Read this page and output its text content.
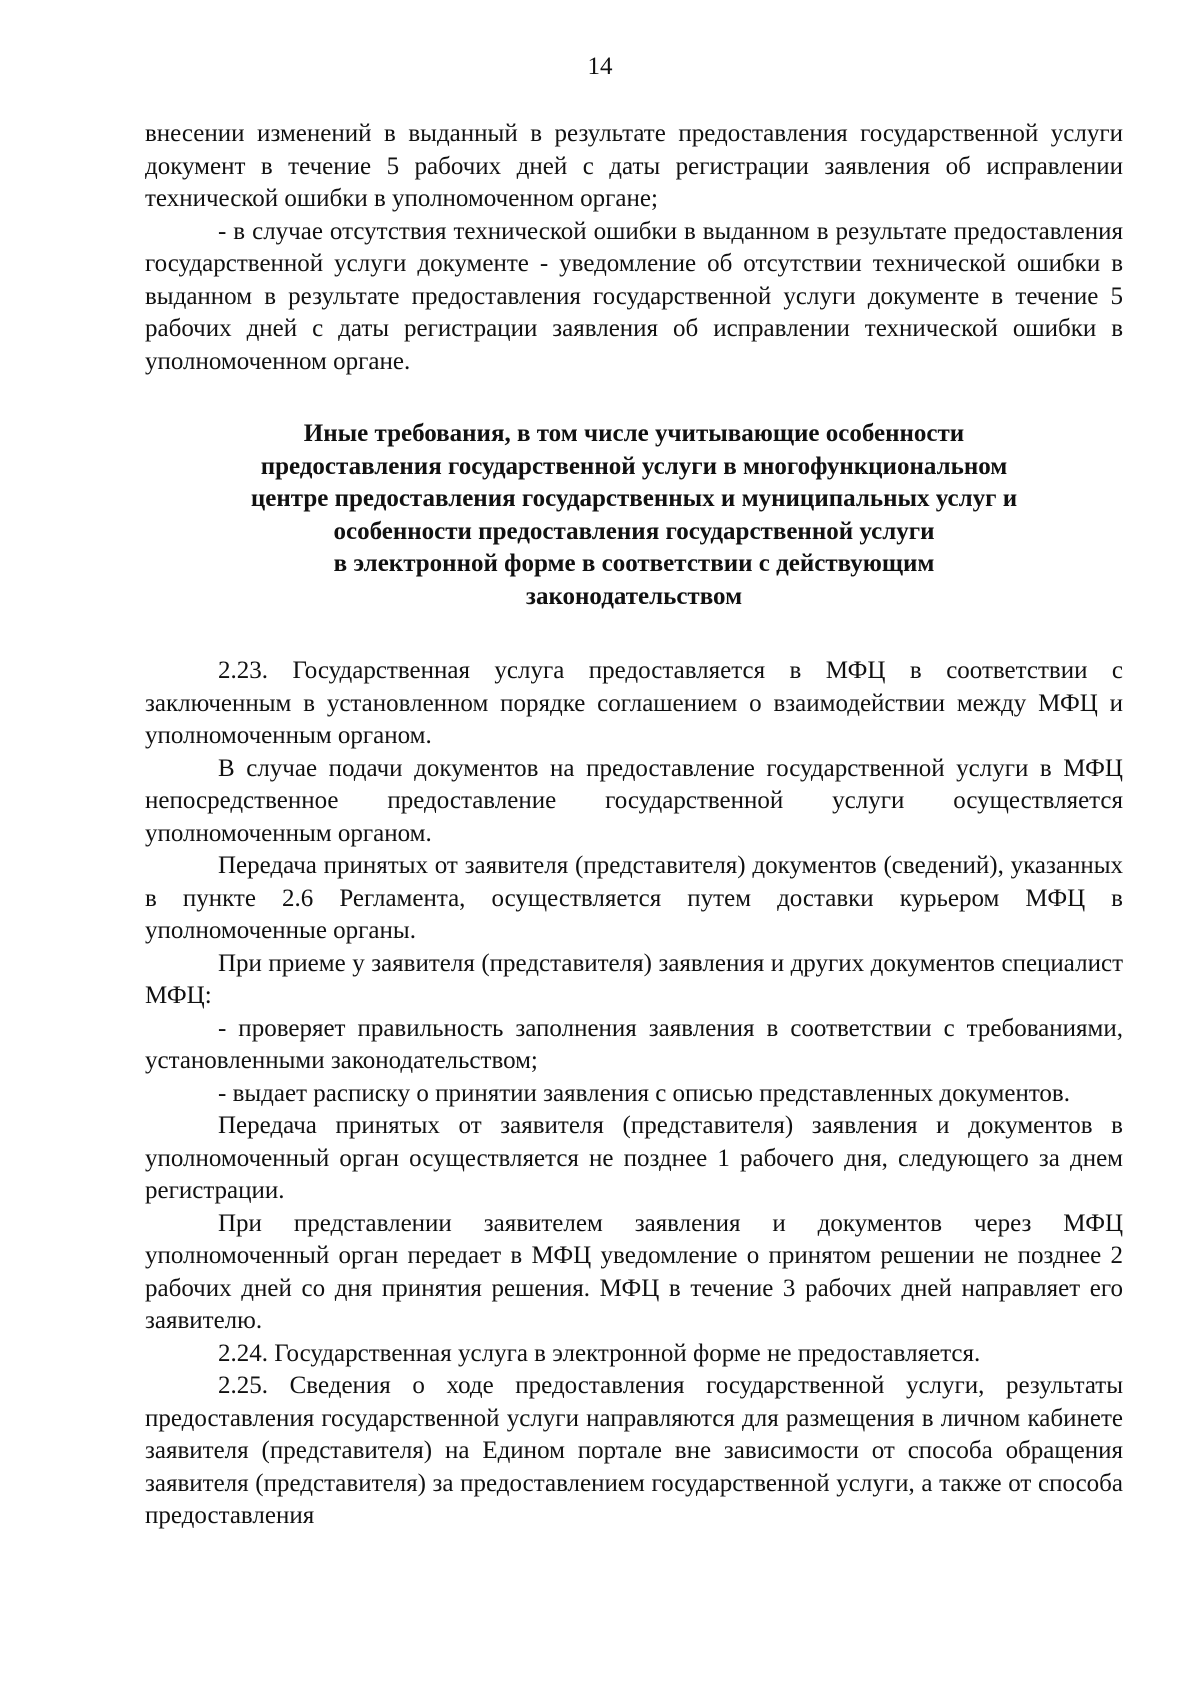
14

внесении изменений в выданный в результате предоставления государственной услуги документ в течение 5 рабочих дней с даты регистрации заявления об исправлении технической ошибки в уполномоченном органе;

- в случае отсутствия технической ошибки в выданном в результате предоставления государственной услуги документе - уведомление об отсутствии технической ошибки в выданном в результате предоставления государственной услуги документе в течение 5 рабочих дней с даты регистрации заявления об исправлении технической ошибки в уполномоченном органе.

Иные требования, в том числе учитывающие особенности
предоставления государственной услуги в многофункциональном
центре предоставления государственных и муниципальных услуг и
особенности предоставления государственной услуги
в электронной форме в соответствии с действующим
законодательством

2.23. Государственная услуга предоставляется в МФЦ в соответствии с заключенным в установленном порядке соглашением о взаимодействии между МФЦ и уполномоченным органом.

В случае подачи документов на предоставление государственной услуги в МФЦ непосредственное предоставление государственной услуги осуществляется уполномоченным органом.

Передача принятых от заявителя (представителя) документов (сведений), указанных в пункте 2.6 Регламента, осуществляется путем доставки курьером МФЦ в уполномоченные органы.

При приеме у заявителя (представителя) заявления и других документов специалист МФЦ:

- проверяет правильность заполнения заявления в соответствии с требованиями, установленными законодательством;

- выдает расписку о принятии заявления с описью представленных документов.

Передача принятых от заявителя (представителя) заявления и документов в уполномоченный орган осуществляется не позднее 1 рабочего дня, следующего за днем регистрации.

При представлении заявителем заявления и документов через МФЦ уполномоченный орган передает в МФЦ уведомление о принятом решении не позднее 2 рабочих дней со дня принятия решения. МФЦ в течение 3 рабочих дней направляет его заявителю.

2.24. Государственная услуга в электронной форме не предоставляется.

2.25. Сведения о ходе предоставления государственной услуги, результаты предоставления государственной услуги направляются для размещения в личном кабинете заявителя (представителя) на Едином портале вне зависимости от способа обращения заявителя (представителя) за предоставлением государственной услуги, а также от способа предоставления
